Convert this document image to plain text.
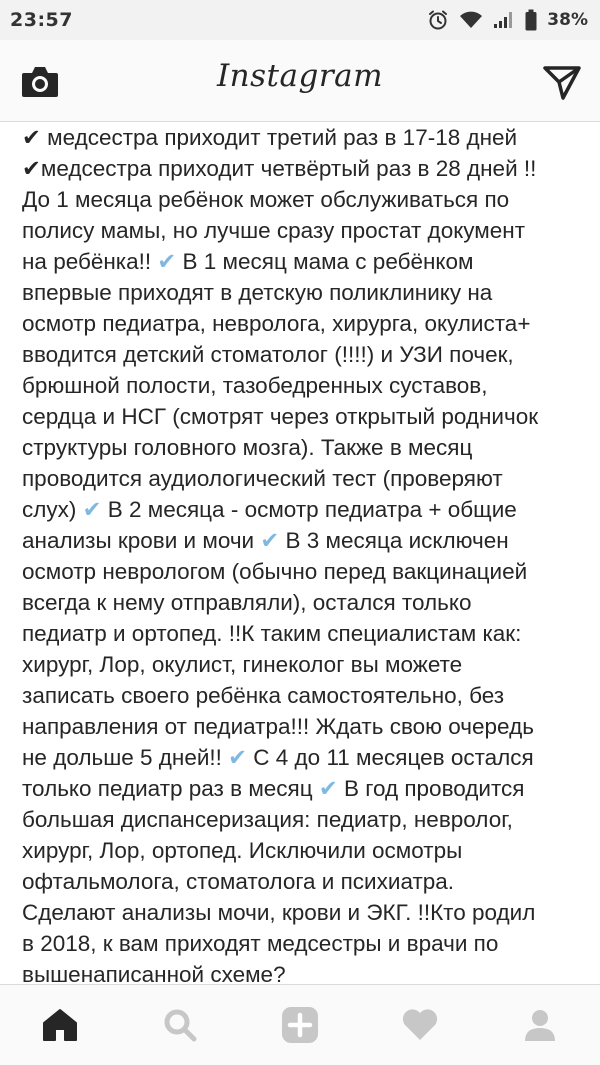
23:57	38%
Instagram

✔ медсестра приходит третий раз в 17-18 дней
✔медсестра приходит четвёртый раз в 28 дней !!
До 1 месяца ребёнок может обслуживаться по
полису мамы, но лучше сразу простат документ
на ребёнка!! ✔ В 1 месяц мама с ребёнком
впервые приходят в детскую поликлинику на
осмотр педиатра, невролога, хирурга, окулиста+
вводится детский стоматолог (!!!!) и УЗИ почек,
брюшной полости, тазобедренных суставов,
сердца и НСГ (смотрят через открытый родничок
структуры головного мозга). Также в месяц
проводится аудиологический тест (проверяют
слух) ✔ В 2 месяца - осмотр педиатра + общие
анализы крови и мочи ✔ В 3 месяца исключен
осмотр неврологом (обычно перед вакцинацией
всегда к нему отправляли), остался только
педиатр и ортопед. !!К таким специалистам как:
хирург, Лор, окулист, гинеколог вы можете
записать своего ребёнка самостоятельно, без
направления от педиатра!!! Ждать свою очередь
не дольше 5 дней!! ✔ С 4 до 11 месяцев остался
только педиатр раз в месяц ✔ В год проводится
большая диспансеризация: педиатр, невролог,
хирург, Лор, ортопед. Исключили осмотры
офтальмолога, стоматолога и психиатра.
Сделают анализы мочи, крови и ЭКГ. !!Кто родил
в 2018, к вам приходят медсестры и врачи по
вышенаписанной схеме?
